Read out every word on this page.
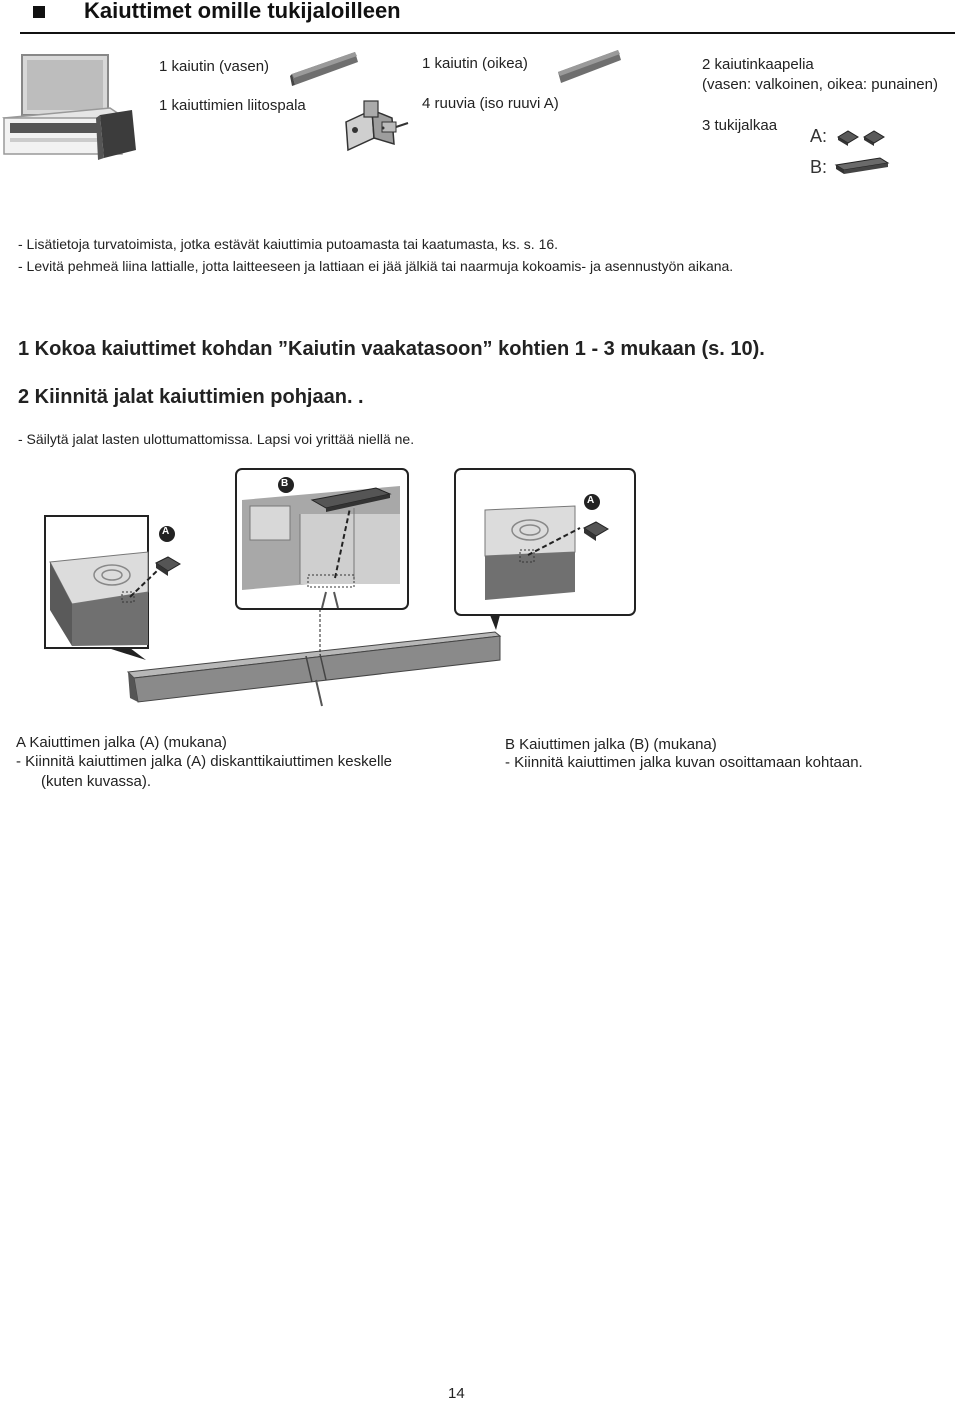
Kaiuttimet omille tukijaloilleen
A
B
A
1 kaiutin (vasen)
1 kaiuttimien liitospala
1 kaiutin (oikea)
4 ruuvia (iso ruuvi A)
2 kaiutinkaapelia
(vasen: valkoinen, oikea: punainen)
3 tukijalkaa
A:
B:
- Lisätietoja turvatoimista, jotka estävät kaiuttimia putoamasta tai kaatumasta, ks. s. 16.
- Levitä pehmeä liina lattialle, jotta laitteeseen ja lattiaan ei jää jälkiä tai naarmuja kokoamis- ja asennustyön aikana.
1 Kokoa kaiuttimet kohdan ”Kaiutin vaakatasoon” kohtien 1 - 3 mukaan (s. 10).
2 Kiinnitä jalat kaiuttimien pohjaan. .
- Säilytä jalat lasten ulottumattomissa. Lapsi voi yrittää niellä ne.
A Kaiuttimen jalka (A) (mukana)
- Kiinnitä kaiuttimen jalka (A) diskanttikaiuttimen keskelle
(kuten kuvassa).
B Kaiuttimen jalka (B) (mukana)
- Kiinnitä kaiuttimen jalka kuvan osoittamaan kohtaan.
14
